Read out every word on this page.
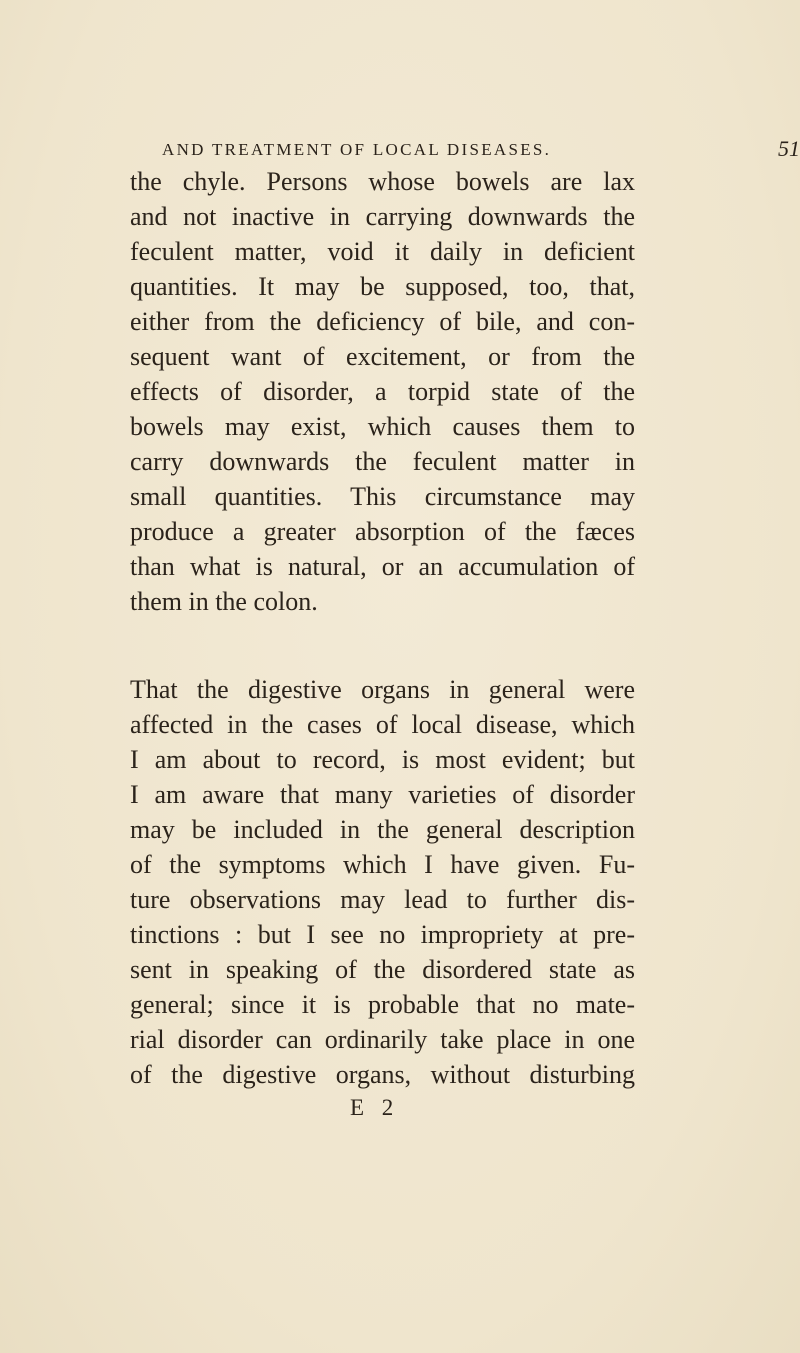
AND TREATMENT OF LOCAL DISEASES.	51
the chyle. Persons whose bowels are lax
and not inactive in carrying downwards the
feculent matter, void it daily in deficient
quantities. It may be supposed, too, that,
either from the deficiency of bile, and con-
sequent want of excitement, or from the
effects of disorder, a torpid state of the
bowels may exist, which causes them to
carry downwards the feculent matter in
small quantities. This circumstance may
produce a greater absorption of the fæces
than what is natural, or an accumulation of
them in the colon.
That the digestive organs in general were
affected in the cases of local disease, which
I am about to record, is most evident; but
I am aware that many varieties of disorder
may be included in the general description
of the symptoms which I have given. Fu-
ture observations may lead to further dis-
tinctions : but I see no impropriety at pre-
sent in speaking of the disordered state as
general; since it is probable that no mate-
rial disorder can ordinarily take place in one
of the digestive organs, without disturbing
E 2
